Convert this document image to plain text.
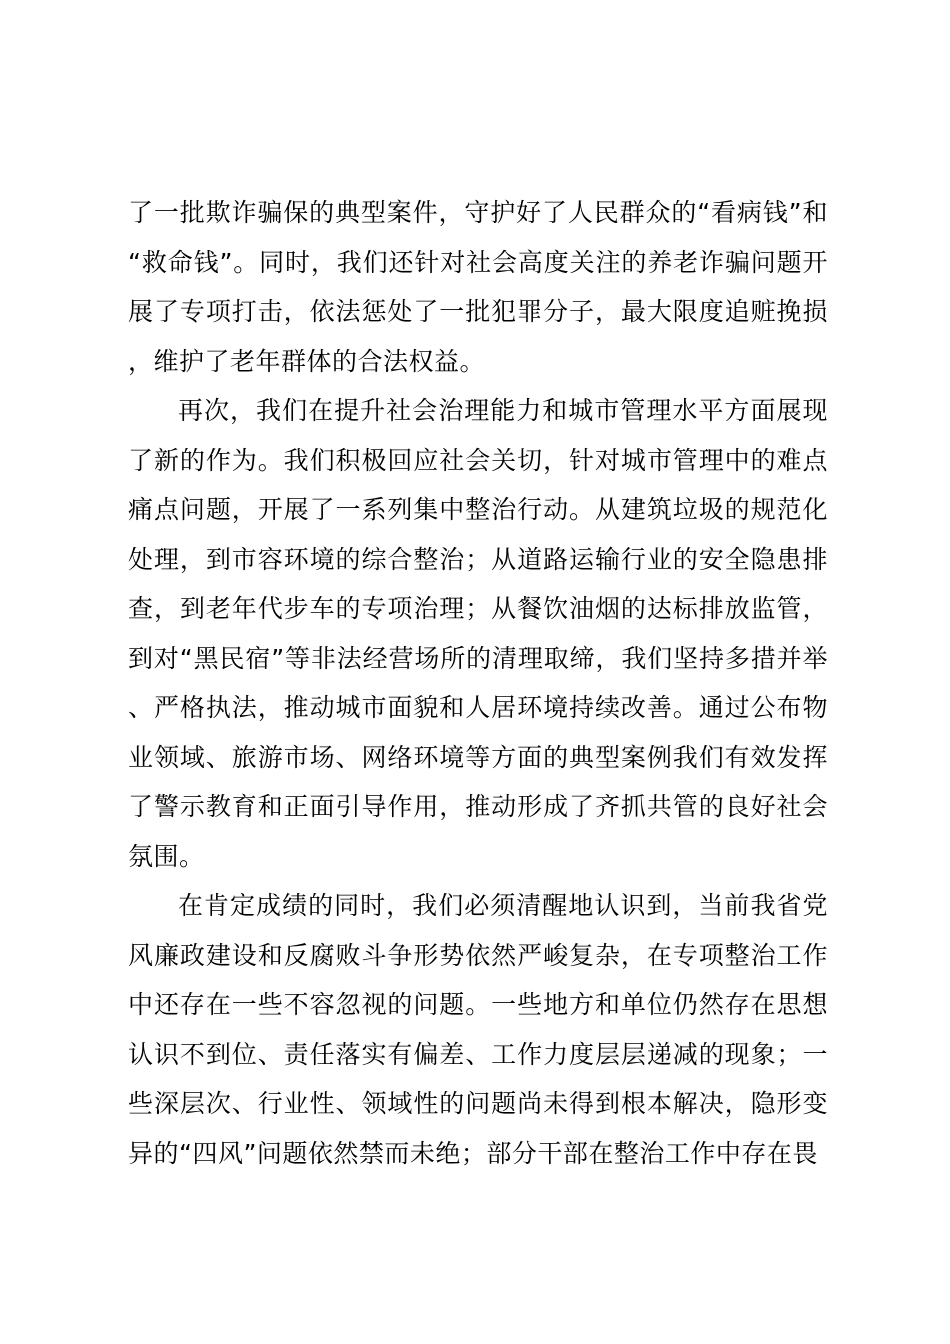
了一批欺诈骗保的典型案件，守护好了人民群众的“看病钱”和“救命钱”。同时，我们还针对社会高度关注的养老诈骗问题开展了专项打击，依法惩处了一批犯罪分子，最大限度追赃挽损，维护了老年群体的合法权益。

再次，我们在提升社会治理能力和城市管理水平方面展现了新的作为。我们积极回应社会关切，针对城市管理中的难点痛点问题，开展了一系列集中整治行动。从建筑垃圾的规范化处理，到市容环境的综合整治；从道路运输行业的安全隐患排查，到老年代步车的专项治理；从餐饮油烟的达标排放监管，到对“黑民宿”等非法经营场所的清理取缔，我们坚持多措并举、严格执法，推动城市面貌和人居环境持续改善。通过公布物业领域、旅游市场、网络环境等方面的典型案例我们有效发挥了警示教育和正面引导作用，推动形成了齐抓共管的良好社会氛围。

在肯定成绩的同时，我们必须清醒地认识到，当前我省党风廉政建设和反腐败斗争形势依然严峻复杂，在专项整治工作中还存在一些不容忽视的问题。一些地方和单位仍然存在思想认识不到位、责任落实有偏差、工作力度层层递减的现象；一些深层次、行业性、领域性的问题尚未得到根本解决，隐形变异的“四风”问题依然禁而未绝；部分干部在整治工作中存在畏
